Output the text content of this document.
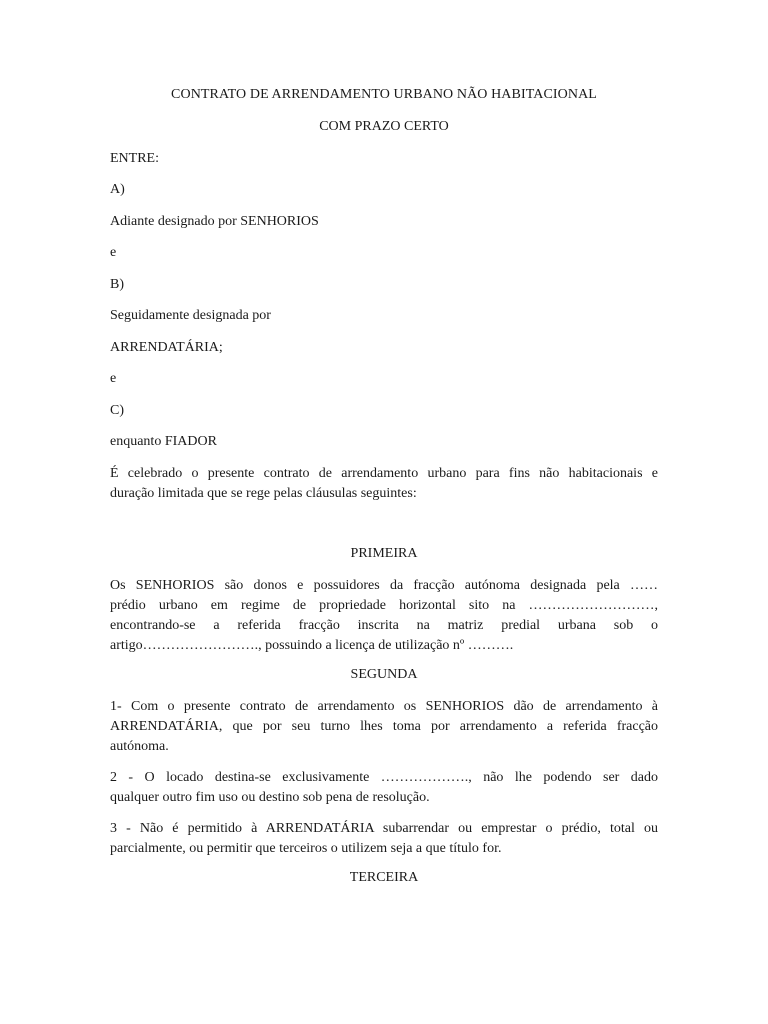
CONTRATO DE ARRENDAMENTO URBANO NÃO HABITACIONAL
COM PRAZO CERTO
ENTRE:
A)
Adiante designado por SENHORIOS
e
B)
Seguidamente designada por
ARRENDATÁRIA;
e
C)
enquanto FIADOR
É celebrado o presente contrato de arrendamento urbano para fins não habitacionais e
duração limitada que se rege pelas cláusulas seguintes:
PRIMEIRA
Os SENHORIOS são donos e possuidores da fracção autónoma designada pela ……
prédio urbano em regime de propriedade horizontal sito na ………………………,
encontrando-se a referida fracção inscrita na matriz predial urbana sob o
artigo……………………., possuindo a licença de utilização nº ……….
SEGUNDA
1- Com o presente contrato de arrendamento os SENHORIOS dão de arrendamento à
ARRENDATÁRIA, que por seu turno lhes toma por arrendamento a referida fracção
autónoma.
2 - O locado destina-se exclusivamente ………………., não lhe podendo ser dado
qualquer outro fim uso ou destino sob pena de resolução.
3 - Não é permitido à ARRENDATÁRIA subarrendar ou emprestar o prédio, total ou
parcialmente, ou permitir que terceiros o utilizem seja a que título for.
TERCEIRA
